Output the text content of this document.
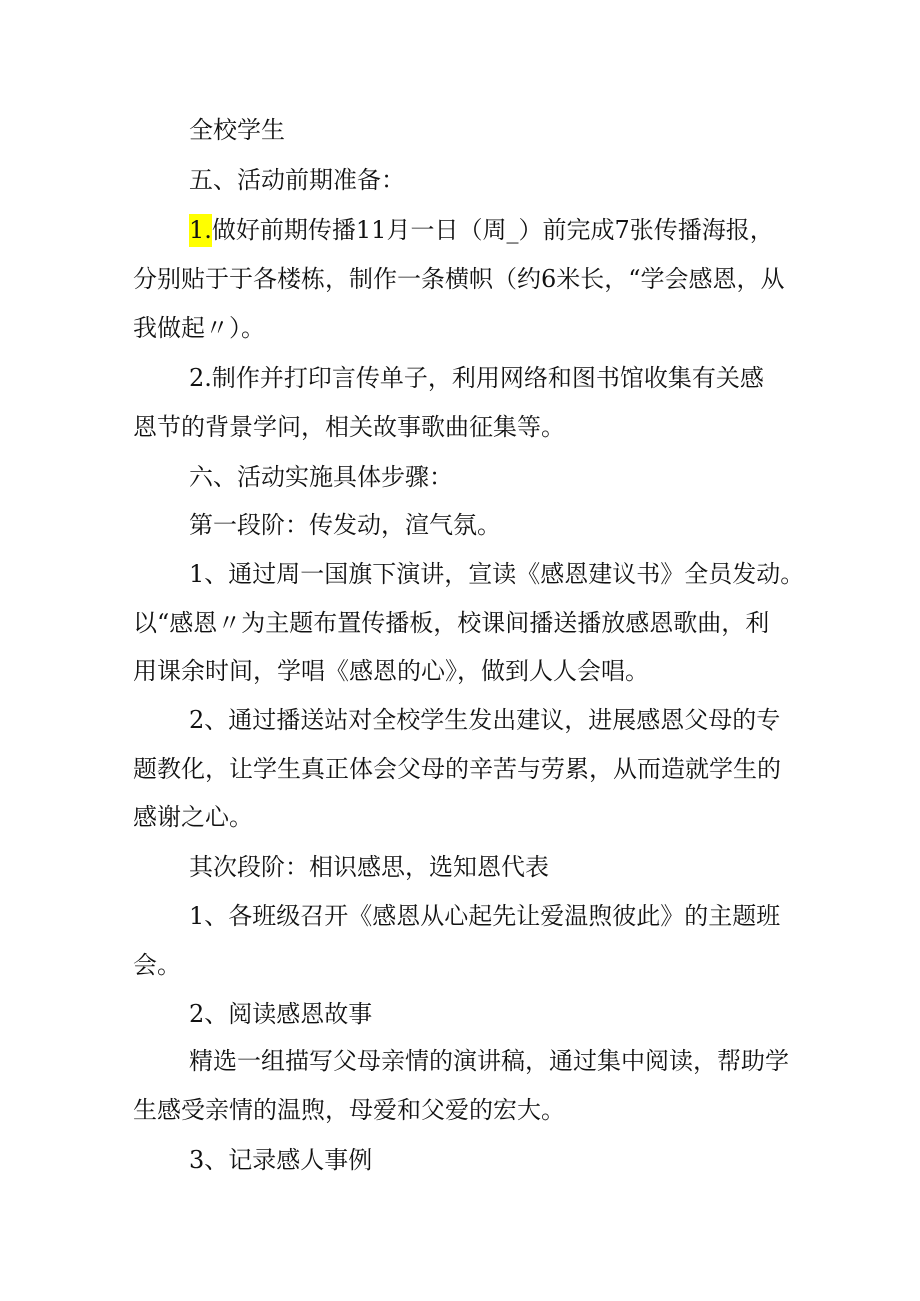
全校学生
五、活动前期准备：
1.做好前期传播11月一日（周_）前完成7张传播海报，
分别贴于于各楼栋，制作一条横帜（约6米长，“学会感恩，从
我做起〃）。
2.制作并打印言传单子，利用网络和图书馆收集有关感
恩节的背景学问，相关故事歌曲征集等。
六、活动实施具体步骤：
第一段阶：传发动，渲气氛。
1、通过周一国旗下演讲，宣读《感恩建议书》全员发动。
以“感恩〃为主题布置传播板，校课间播送播放感恩歌曲，利
用课余时间，学唱《感恩的心》，做到人人会唱。
2、通过播送站对全校学生发出建议，进展感恩父母的专
题教化，让学生真正体会父母的辛苦与劳累，从而造就学生的
感谢之心。
其次段阶：相识感思，选知恩代表
1、各班级召开《感恩从心起先让爱温煦彼此》的主题班
会。
2、阅读感恩故事
精选一组描写父母亲情的演讲稿，通过集中阅读，帮助学
生感受亲情的温煦，母爱和父爱的宏大。
3、记录感人事例
